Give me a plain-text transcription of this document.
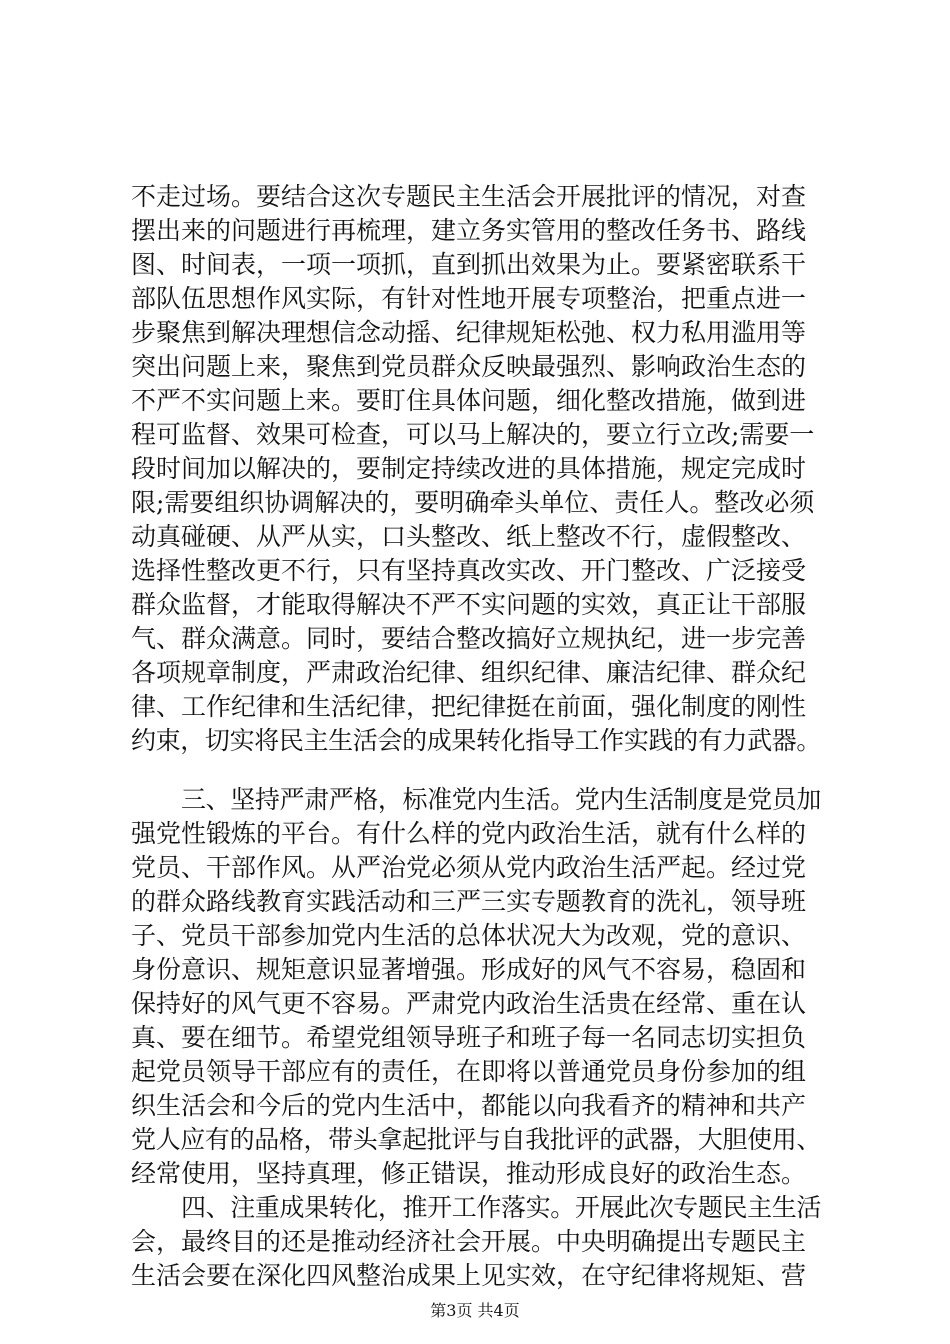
不走过场。要结合这次专题民主生活会开展批评的情况，对查
摆出来的问题进行再梳理，建立务实管用的整改任务书、路线
图、时间表，一项一项抓，直到抓出效果为止。要紧密联系干
部队伍思想作风实际，有针对性地开展专项整治，把重点进一
步聚焦到解决理想信念动摇、纪律规矩松弛、权力私用滥用等
突出问题上来，聚焦到党员群众反映最强烈、影响政治生态的
不严不实问题上来。要盯住具体问题，细化整改措施，做到进
程可监督、效果可检查，可以马上解决的，要立行立改;需要一
段时间加以解决的，要制定持续改进的具体措施，规定完成时
限;需要组织协调解决的，要明确牵头单位、责任人。整改必须
动真碰硬、从严从实，口头整改、纸上整改不行，虚假整改、
选择性整改更不行，只有坚持真改实改、开门整改、广泛接受
群众监督，才能取得解决不严不实问题的实效，真正让干部服
气、群众满意。同时，要结合整改搞好立规执纪，进一步完善
各项规章制度，严肃政治纪律、组织纪律、廉洁纪律、群众纪
律、工作纪律和生活纪律，把纪律挺在前面，强化制度的刚性
约束，切实将民主生活会的成果转化指导工作实践的有力武器。
三、坚持严肃严格，标准党内生活。党内生活制度是党员加
强党性锻炼的平台。有什么样的党内政治生活，就有什么样的
党员、干部作风。从严治党必须从党内政治生活严起。经过党
的群众路线教育实践活动和三严三实专题教育的洗礼，领导班
子、党员干部参加党内生活的总体状况大为改观，党的意识、
身份意识、规矩意识显著增强。形成好的风气不容易，稳固和
保持好的风气更不容易。严肃党内政治生活贵在经常、重在认
真、要在细节。希望党组领导班子和班子每一名同志切实担负
起党员领导干部应有的责任，在即将以普通党员身份参加的组
织生活会和今后的党内生活中，都能以向我看齐的精神和共产
党人应有的品格，带头拿起批评与自我批评的武器，大胆使用、
经常使用，坚持真理，修正错误，推动形成良好的政治生态。
四、注重成果转化，推开工作落实。开展此次专题民主生活
会，最终目的还是推动经济社会开展。中央明确提出专题民主
生活会要在深化四风整治成果上见实效，在守纪律将规矩、营
第3页 共4页
